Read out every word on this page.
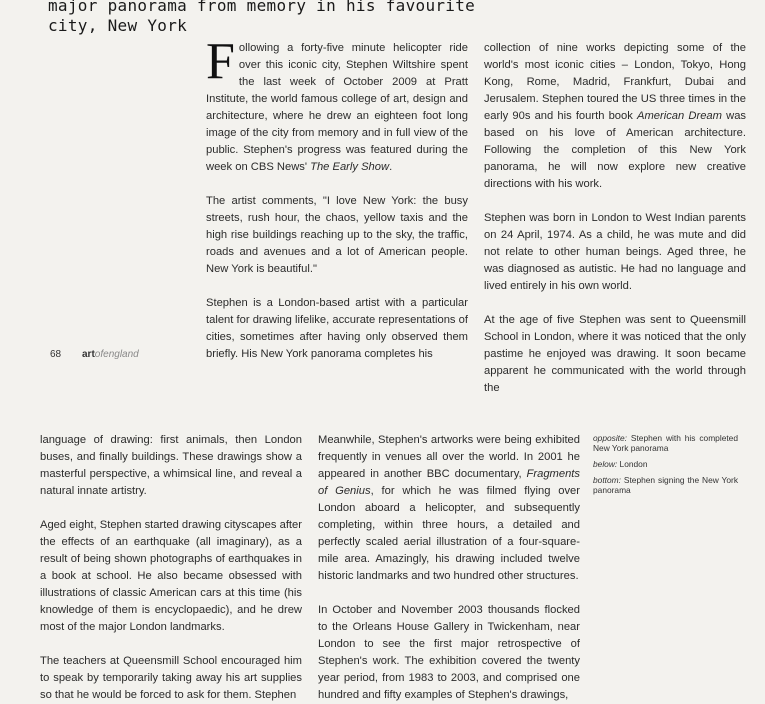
major panorama from memory in his favourite
city, New York

Following a forty-five minute helicopter ride over this iconic city, Stephen Wiltshire spent the last week of October 2009 at Pratt Institute, the world famous college of art, design and architecture, where he drew an eighteen foot long image of the city from memory and in full view of the public. Stephen's progress was featured during the week on CBS News' The Early Show.

The artist comments, "I love New York: the busy streets, rush hour, the chaos, yellow taxis and the high rise buildings reaching up to the sky, the traffic, roads and avenues and a lot of American people. New York is beautiful."

Stephen is a London-based artist with a particular talent for drawing lifelike, accurate representations of cities, sometimes after having only observed them briefly. His New York panorama completes his

collection of nine works depicting some of the world's most iconic cities – London, Tokyo, Hong Kong, Rome, Madrid, Frankfurt, Dubai and Jerusalem. Stephen toured the US three times in the early 90s and his fourth book American Dream was based on his love of American architecture. Following the completion of this New York panorama, he will now explore new creative directions with his work.

Stephen was born in London to West Indian parents on 24 April, 1974. As a child, he was mute and did not relate to other human beings. Aged three, he was diagnosed as autistic. He had no language and lived entirely in his own world.

At the age of five Stephen was sent to Queensmill School in London, where it was noticed that the only pastime he enjoyed was drawing. It soon became apparent he communicated with the world through the

68 artofengland

language of drawing: first animals, then London buses, and finally buildings. These drawings show a masterful perspective, a whimsical line, and reveal a natural innate artistry.

Aged eight, Stephen started drawing cityscapes after the effects of an earthquake (all imaginary), as a result of being shown photographs of earthquakes in a book at school. He also became obsessed with illustrations of classic American cars at this time (his knowledge of them is encyclopaedic), and he drew most of the major London landmarks.

The teachers at Queensmill School encouraged him to speak by temporarily taking away his art supplies so that he would be forced to ask for them. Stephen

Meanwhile, Stephen's artworks were being exhibited frequently in venues all over the world. In 2001 he appeared in another BBC documentary, Fragments of Genius, for which he was filmed flying over London aboard a helicopter, and subsequently completing, within three hours, a detailed and perfectly scaled aerial illustration of a four-square-mile area. Amazingly, his drawing included twelve historic landmarks and two hundred other structures.

In October and November 2003 thousands flocked to the Orleans House Gallery in Twickenham, near London to see the first major retrospective of Stephen's work. The exhibition covered the twenty year period, from 1983 to 2003, and comprised one hundred and fifty examples of Stephen's drawings,

opposite: Stephen with his completed New York panorama
below: London
bottom: Stephen signing the New York panorama
